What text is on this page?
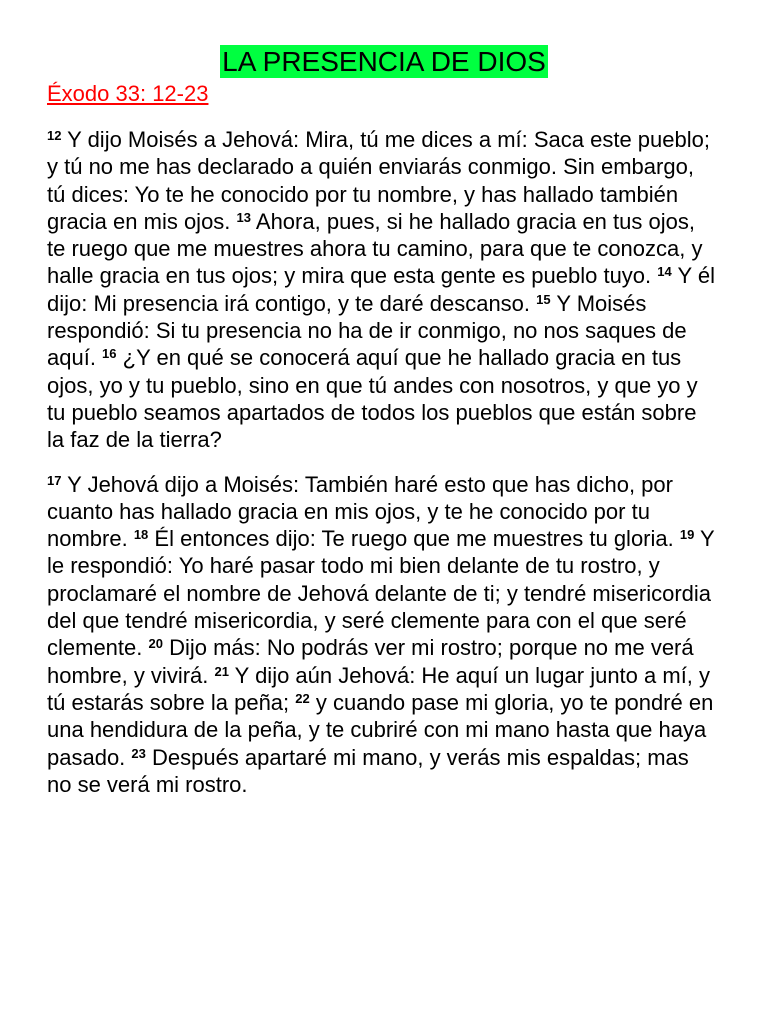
LA PRESENCIA DE DIOS
Éxodo 33: 12-23
$^{12}$ Y dijo Moisés a Jehová: Mira, tú me dices a mí: Saca este pueblo; y tú no me has declarado a quién enviarás conmigo. Sin embargo, tú dices: Yo te he conocido por tu nombre, y has hallado también gracia en mis ojos. $^{13}$ Ahora, pues, si he hallado gracia en tus ojos, te ruego que me muestres ahora tu camino, para que te conozca, y halle gracia en tus ojos; y mira que esta gente es pueblo tuyo. $^{14}$ Y él dijo: Mi presencia irá contigo, y te daré descanso. $^{15}$ Y Moisés respondió: Si tu presencia no ha de ir conmigo, no nos saques de aquí. $^{16}$ ¿Y en qué se conocerá aquí que he hallado gracia en tus ojos, yo y tu pueblo, sino en que tú andes con nosotros, y que yo y tu pueblo seamos apartados de todos los pueblos que están sobre la faz de la tierra?
$^{17}$ Y Jehová dijo a Moisés: También haré esto que has dicho, por cuanto has hallado gracia en mis ojos, y te he conocido por tu nombre. $^{18}$ Él entonces dijo: Te ruego que me muestres tu gloria. $^{19}$ Y le respondió: Yo haré pasar todo mi bien delante de tu rostro, y proclamaré el nombre de Jehová delante de ti; y tendré misericordia del que tendré misericordia, y seré clemente para con el que seré clemente. $^{20}$ Dijo más: No podrás ver mi rostro; porque no me verá hombre, y vivirá. $^{21}$ Y dijo aún Jehová: He aquí un lugar junto a mí, y tú estarás sobre la peña; $^{22}$ y cuando pase mi gloria, yo te pondré en una hendidura de la peña, y te cubriré con mi mano hasta que haya pasado. $^{23}$ Después apartaré mi mano, y verás mis espaldas; mas no se verá mi rostro.
